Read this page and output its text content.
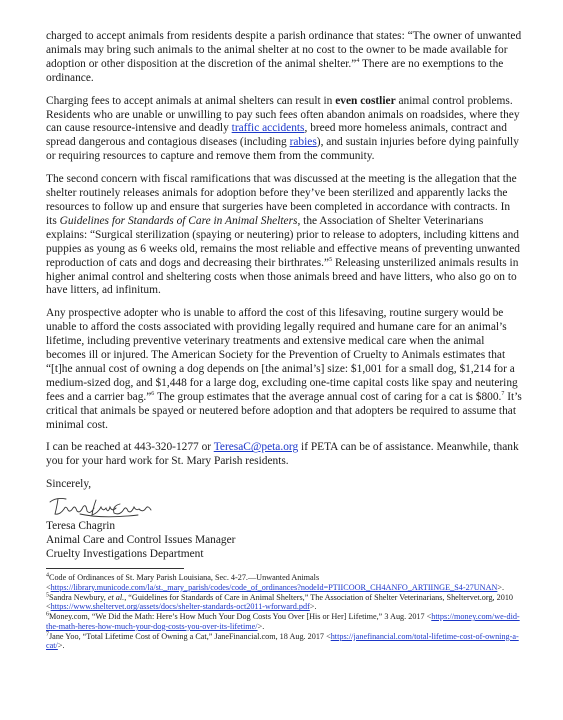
charged to accept animals from residents despite a parish ordinance that states: “The owner of unwanted animals may bring such animals to the animal shelter at no cost to the owner to be made available for adoption or other disposition at the discretion of the animal shelter.”$^4$ There are no exemptions to the ordinance.

Charging fees to accept animals at animal shelters can result in even costlier animal control problems. Residents who are unable or unwilling to pay such fees often abandon animals on roadsides, where they can cause resource-intensive and deadly traffic accidents, breed more homeless animals, contract and spread dangerous and contagious diseases (including rabies), and sustain injuries before dying painfully or requiring resources to capture and remove them from the community.

The second concern with fiscal ramifications that was discussed at the meeting is the allegation that the shelter routinely releases animals for adoption before they’ve been sterilized and apparently lacks the resources to follow up and ensure that surgeries have been completed in accordance with contracts. In its Guidelines for Standards of Care in Animal Shelters, the Association of Shelter Veterinarians explains: “Surgical sterilization (spaying or neutering) prior to release to adopters, including kittens and puppies as young as 6 weeks old, remains the most reliable and effective means of preventing unwanted reproduction of cats and dogs and decreasing their birthrates.”$^5$ Releasing unsterilized animals results in higher animal control and sheltering costs when those animals breed and have litters, who also go on to have litters, ad infinitum.

Any prospective adopter who is unable to afford the cost of this lifesaving, routine surgery would be unable to afford the costs associated with providing legally required and humane care for an animal’s lifetime, including preventive veterinary treatments and extensive medical care when the animal becomes ill or injured. The American Society for the Prevention of Cruelty to Animals estimates that “[t]he annual cost of owning a dog depends on [the animal’s] size: $1,001 for a small dog, $1,214 for a medium-sized dog, and $1,448 for a large dog, excluding one-time capital costs like spay and neutering fees and a carrier bag.”$^6$ The group estimates that the average annual cost of caring for a cat is $800.$^7$ It’s critical that animals be spayed or neutered before adoption and that adopters be required to assume that minimal cost.

I can be reached at 443-320-1277 or TeresaC@peta.org if PETA can be of assistance. Meanwhile, thank you for your hard work for St. Mary Parish residents.

Sincerely,
Teresa Chagrin
Animal Care and Control Issues Manager
Cruelty Investigations Department

$^4$Code of Ordinances of St. Mary Parish Louisiana, Sec. 4-27.—Unwanted Animals <https://library.municode.com/la/st._mary_parish/codes/code_of_ordinances?nodeId=PTIICOOR_CH4ANFO_ARTIINGE_S4-27UNAN>.

$^5$Sandra Newbury, et al., “Guidelines for Standards of Care in Animal Shelters,” The Association of Shelter Veterinarians, Sheltervet.org, 2010 <https://www.sheltervet.org/assets/docs/shelter-standards-oct2011-wforward.pdf>.

$^6$Money.com, “We Did the Math: Here’s How Much Your Dog Costs You Over [His or Her] Lifetime,” 3 Aug. 2017 <https://money.com/we-did-the-math-heres-how-much-your-dog-costs-you-over-its-lifetime/>.

$^7$Jane Yoo, “Total Lifetime Cost of Owning a Cat,” JaneFinancial.com, 18 Aug. 2017 <https://janefinancial.com/total-lifetime-cost-of-owning-a-cat/>.
